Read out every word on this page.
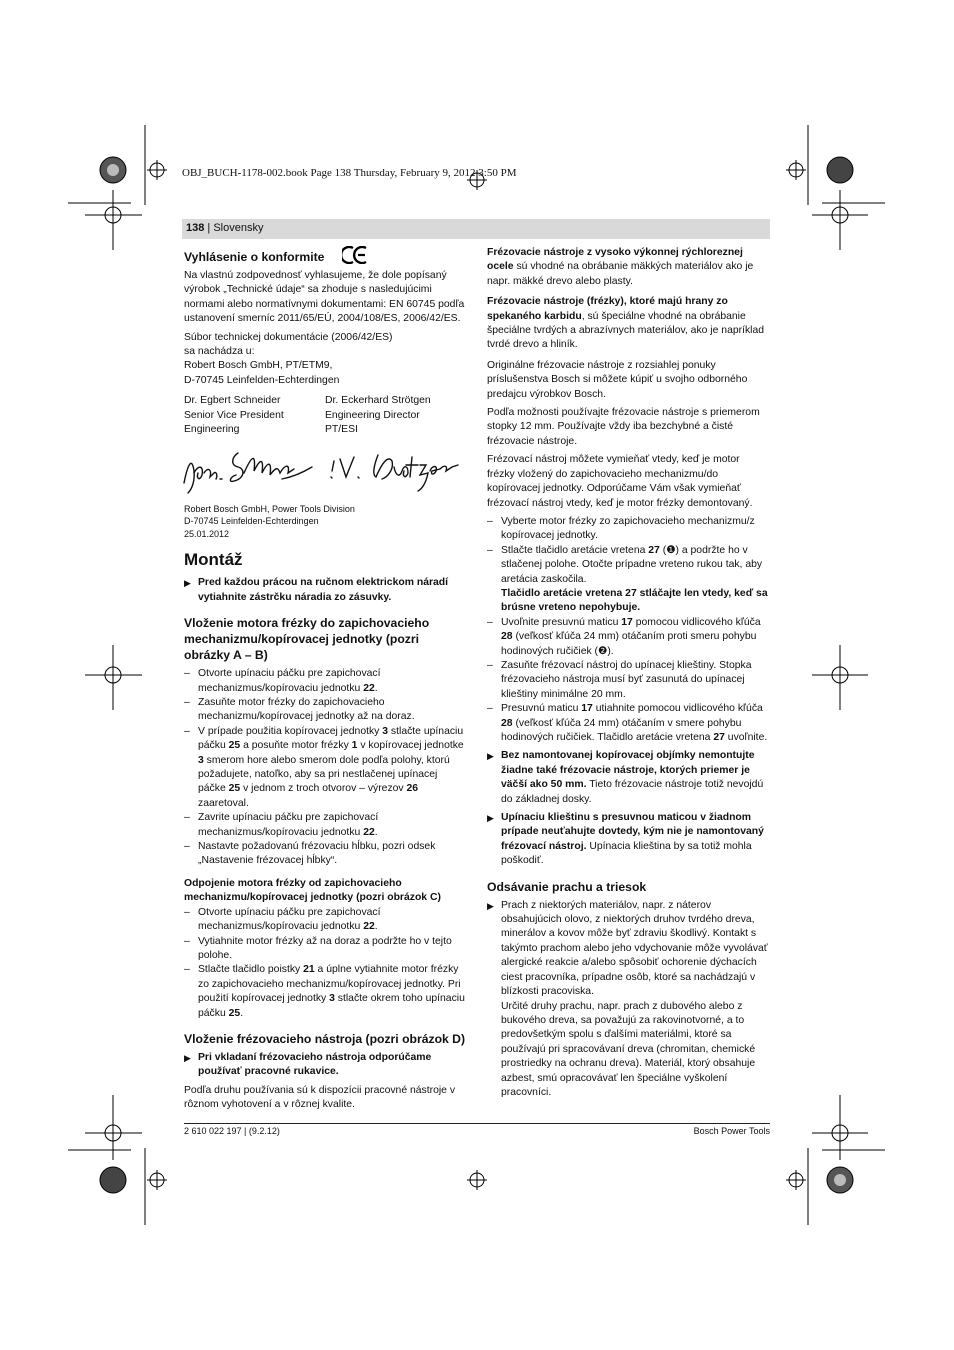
OBJ_BUCH-1178-002.book Page 138 Thursday, February 9, 2012 3:50 PM
138 | Slovensky
Vyhlásenie o konformite

Na vlastnú zodpovednosť vyhlasujeme, že dole popísaný výrobok „Technické údaje“ sa zhoduje s nasledujúcimi normami alebo normatívnymi dokumentami: EN 60745 podľa ustanovení smerníc 2011/65/EÚ, 2004/108/ES, 2006/42/ES.

Súbor technickej dokumentácie (2006/42/ES)

sa nachádza u:

Robert Bosch GmbH, PT/ETM9,

D-70745 Leinfelden-Echterdingen

Dr. Egbert Schneider

Senior Vice President

Engineering

Dr. Eckerhard Strötgen

Engineering Director

PT/ESI

Robert Bosch GmbH, Power Tools Division

D-70745 Leinfelden-Echterdingen

25.01.2012

Montáž

▶ Pred každou prácou na ručnom elektrickom náradí vytiahnite zástrčku náradia zo zásuvky.

Vloženie motora frézky do zapichovacieho mechanizmu/kopírovacej jednotky (pozri obrázky A – B)

– Otvorte upínaciu páčku pre zapichovací mechanizmus/kopírovaciu jednotku 22.

– Zasuňte motor frézky do zapichovacieho mechanizmu/kopírovacej jednotky až na doraz.

– V prípade použitia kopírovacej jednotky 3 stlačte upínaciu páčku 25 a posuňte motor frézky 1 v kopírovacej jednotke 3 smerom hore alebo smerom dole podľa polohy, ktorú požadujete, natoľko, aby sa pri nestlačenej upínacej páčke 25 v jednom z troch otvorov – výrezov 26 zaaretoval.

– Zavrite upínaciu páčku pre zapichovací mechanizmus/kopírovaciu jednotku 22.

– Nastavte požadovanú frézovaciu hĺbku, pozri odsek „Nastavenie frézovacej hĺbky“.

Odpojenie motora frézky od zapichovacieho mechanizmu/kopírovacej jednotky (pozri obrázok C)

– Otvorte upínaciu páčku pre zapichovací mechanizmus/kopírovaciu jednotku 22.

– Vytiahnite motor frézky až na doraz a podržte ho v tejto polohe.

– Stlačte tlačidlo poistky 21 a úplne vytiahnite motor frézky zo zapichovacieho mechanizmu/kopírovacej jednotky. Pri použití kopírovacej jednotky 3 stlačte okrem toho upínaciu páčku 25.

Vloženie frézovacieho nástroja (pozri obrázok D)

▶ Pri vkladaní frézovacieho nástroja odporúčame používať pracovné rukavice.

Podľa druhu používania sú k dispozícii pracovné nástroje v rôznom vyhotovení a v rôznej kvalite.

Frézovacie nástroje z vysoko výkonnej rýchloreznej ocele sú vhodné na obrábanie mäkkých materiálov ako je napr. mäkké drevo alebo plasty.

Frézovacie nástroje (frézky), ktoré majú hrany zo spekaného karbidu, sú špeciálne vhodné na obrábanie špeciálne tvrdých a abrazívnych materiálov, ako je napríklad tvrdé drevo a hliník.

Originálne frézovacie nástroje z rozsiahlej ponuky príslušenstva Bosch si môžete kúpiť u svojho odborného predajcu výrobkov Bosch.

Podľa možnosti používajte frézovacie nástroje s priemerom stopky 12 mm. Používajte vždy iba bezchybné a čisté frézovacie nástroje.

Frézovací nástroj môžete vymieňať vtedy, keď je motor frézky vložený do zapichovacieho mechanizmu/do kopírovacej jednotky. Odporúčame Vám však vymieňať frézovací nástroj vtedy, keď je motor frézky demontovaný.

– Vyberte motor frézky zo zapichovacieho mechanizmu/z kopírovacej jednotky.

– Stlačte tlačidlo aretácie vretena 27 (❶) a podržte ho v stlačenej polohe. Otočte prípadne vreteno rukou tak, aby aretácia zaskočila.
Tlačidlo aretácie vretena 27 stláčajte len vtedy, keď sa brúsne vreteno nepohybuje.

– Uvoľnite presuvnú maticu 17 pomocou vidlicového kľúča 28 (veľkosť kľúča 24 mm) otáčaním proti smeru pohybu hodinových ručičiek (❷).

– Zasuňte frézovací nástroj do upínacej klieštiny. Stopka frézovacieho nástroja musí byť zasunutá do upínacej klieštiny minimálne 20 mm.

– Presuvnú maticu 17 utiahnite pomocou vidlicového kľúča 28 (veľkosť kľúča 24 mm) otáčaním v smere pohybu hodinových ručičiek. Tlačidlo aretácie vretena 27 uvoľnite.

▶ Bez namontovanej kopírovacej objímky nemontujte žiadne také frézovacie nástroje, ktorých priemer je väčší ako 50 mm. Tieto frézovacie nástroje totiž nevojdú do základnej dosky.

▶ Upínaciu klieštinu s presuvnou maticou v žiadnom prípade neuťahujte dovtedy, kým nie je namontovaný frézovací nástroj. Upínacia klieština by sa totiž mohla poškodiť.

Odsávanie prachu a triesok

▶ Prach z niektorých materiálov, napr. z náterov obsahujúcich olovo, z niektorých druhov tvrdého dreva, minerálov a kovov môže byť zdraviu škodlivý. Kontakt s takýmto prachom alebo jeho vdychovanie môže vyvolávať alergické reakcie a/alebo spôsobiť ochorenie dýchacích ciest pracovníka, prípadne osôb, ktoré sa nachádzajú v blízkosti pracoviska.

Určité druhy prachu, napr. prach z dubového alebo z bukového dreva, sa považujú za rakovinotvorné, a to predovšetkým spolu s ďalšími materiálmi, ktoré sa používajú pri spracovávaní dreva (chromitan, chemické prostriedky na ochranu dreva). Materiál, ktorý obsahuje azbest, smú opracovávať len špeciálne vyškolení pracovníci.

2 610 022 197 | (9.2.12)	Bosch Power Tools
